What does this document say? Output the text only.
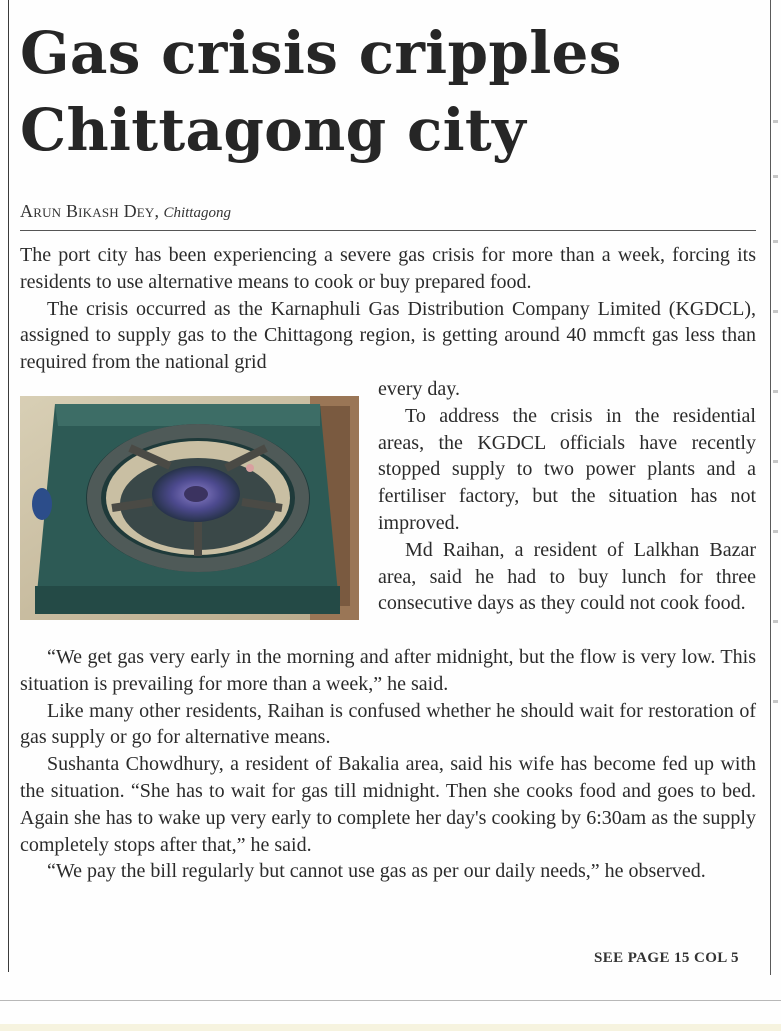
Gas crisis cripples
Chittagong city

Arun Bikash Dey, Chittagong

The port city has been experiencing a severe gas crisis for more than a week, forcing its residents to use alternative means to cook or buy prepared food.

The crisis occurred as the Karnaphuli Gas Distribution Company Limited (KGDCL), assigned to supply gas to the Chittagong region, is getting around 40 mmcft gas less than required from the national grid

every day.

To address the crisis in the residential areas, the KGDCL officials have recently stopped supply to two power plants and a fertiliser factory, but the situation has not improved.

Md Raihan, a resident of Lalkhan Bazar area, said he had to buy lunch for three consecutive days as they could not cook food.

“We get gas very early in the morning and after midnight, but the flow is very low. This situation is prevailing for more than a week,” he said.

Like many other residents, Raihan is confused whether he should wait for restoration of gas supply or go for alternative means.

Sushanta Chowdhury, a resident of Bakalia area, said his wife has become fed up with the situation. “She has to wait for gas till midnight. Then she cooks food and goes to bed. Again she has to wake up very early to complete her day's cooking by 6:30am as the supply completely stops after that,” he said.

“We pay the bill regularly but cannot use gas as per our daily needs,” he observed.

SEE PAGE 15 COL 5
